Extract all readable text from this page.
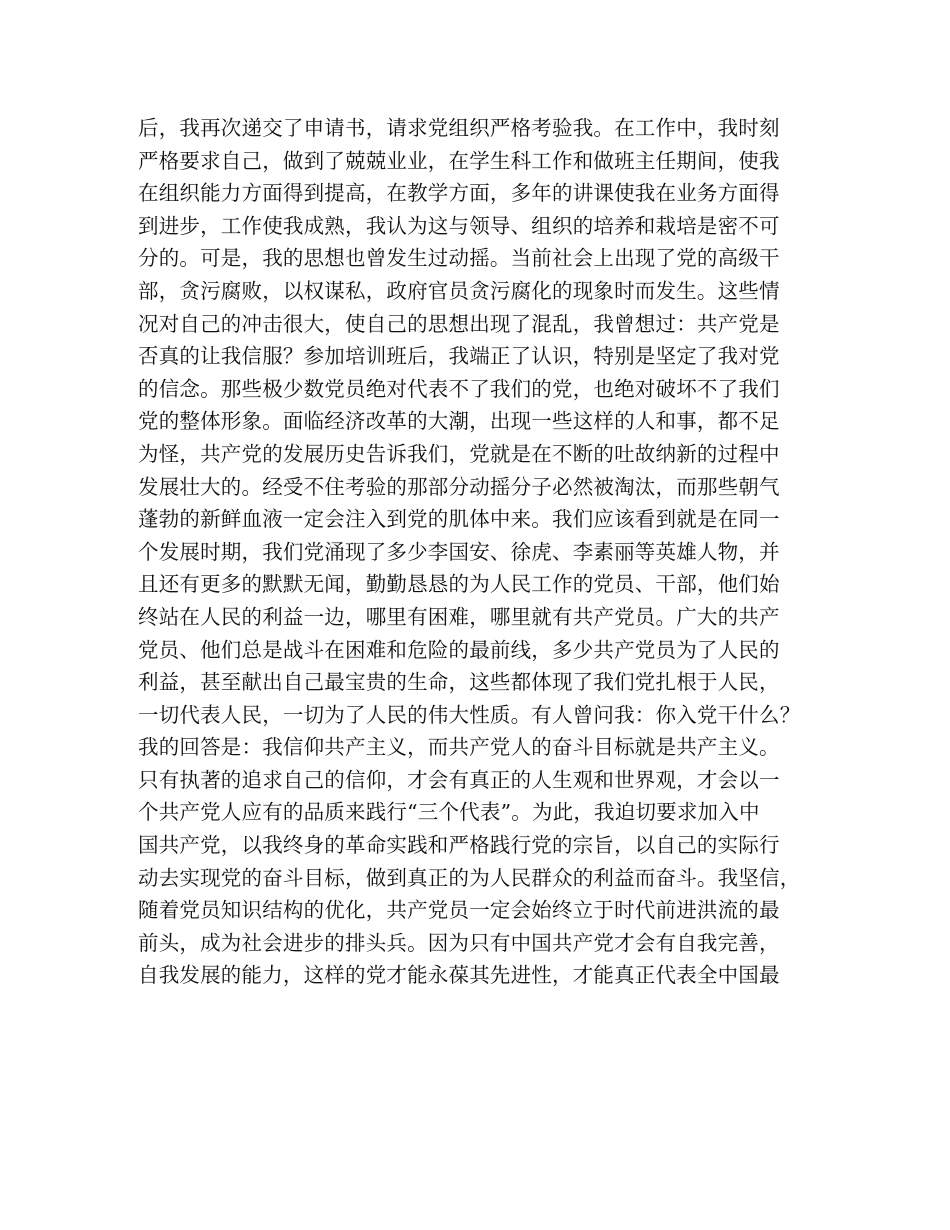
后，我再次递交了申请书，请求党组织严格考验我。在工作中，我时刻
严格要求自己，做到了兢兢业业，在学生科工作和做班主任期间，使我
在组织能力方面得到提高，在教学方面，多年的讲课使我在业务方面得
到进步，工作使我成熟，我认为这与领导、组织的培养和栽培是密不可
分的。可是，我的思想也曾发生过动摇。当前社会上出现了党的高级干
部，贪污腐败，以权谋私，政府官员贪污腐化的现象时而发生。这些情
况对自己的冲击很大，使自己的思想出现了混乱，我曾想过：共产党是
否真的让我信服？参加培训班后，我端正了认识，特别是坚定了我对党
的信念。那些极少数党员绝对代表不了我们的党，也绝对破坏不了我们
党的整体形象。面临经济改革的大潮，出现一些这样的人和事，都不足
为怪，共产党的发展历史告诉我们，党就是在不断的吐故纳新的过程中
发展壮大的。经受不住考验的那部分动摇分子必然被淘汰，而那些朝气
蓬勃的新鲜血液一定会注入到党的肌体中来。我们应该看到就是在同一
个发展时期，我们党涌现了多少李国安、徐虎、李素丽等英雄人物，并
且还有更多的默默无闻，勤勤恳恳的为人民工作的党员、干部，他们始
终站在人民的利益一边，哪里有困难，哪里就有共产党员。广大的共产
党员、他们总是战斗在困难和危险的最前线，多少共产党员为了人民的
利益，甚至献出自己最宝贵的生命，这些都体现了我们党扎根于人民，
一切代表人民，一切为了人民的伟大性质。有人曾问我：你入党干什么？
我的回答是：我信仰共产主义，而共产党人的奋斗目标就是共产主义。
只有执著的追求自己的信仰，才会有真正的人生观和世界观，才会以一
个共产党人应有的品质来践行“三个代表”。为此，我迫切要求加入中
国共产党，以我终身的革命实践和严格践行党的宗旨，以自己的实际行
动去实现党的奋斗目标，做到真正的为人民群众的利益而奋斗。我坚信，
随着党员知识结构的优化，共产党员一定会始终立于时代前进洪流的最
前头，成为社会进步的排头兵。因为只有中国共产党才会有自我完善，
自我发展的能力，这样的党才能永葆其先进性，才能真正代表全中国最
